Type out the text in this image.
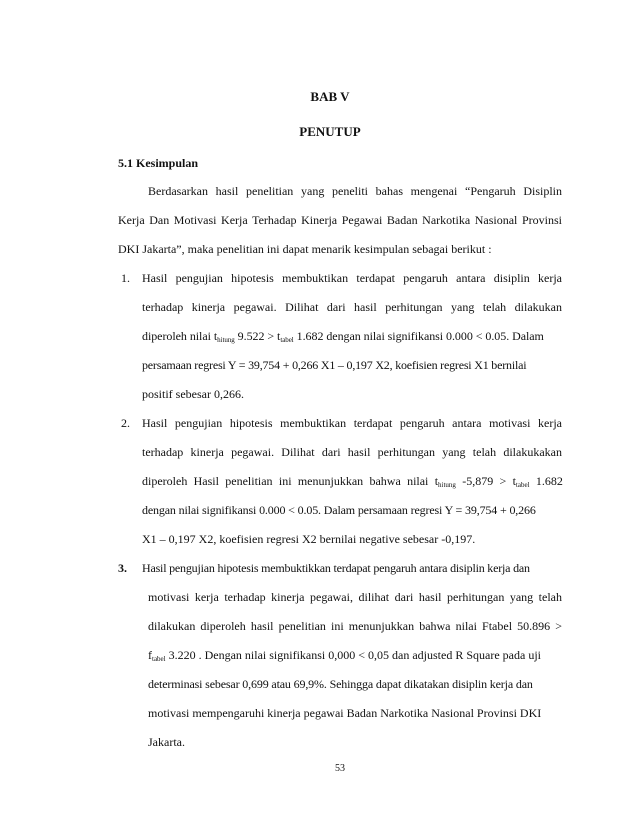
BAB V
PENUTUP
5.1 Kesimpulan
Berdasarkan hasil penelitian yang peneliti bahas mengenai “Pengaruh Disiplin
Kerja Dan Motivasi Kerja Terhadap Kinerja Pegawai Badan Narkotika Nasional Provinsi
DKI Jakarta”, maka penelitian ini dapat menarik kesimpulan sebagai berikut :
1. Hasil pengujian hipotesis membuktikan terdapat pengaruh antara disiplin kerja
terhadap kinerja pegawai. Dilihat dari hasil perhitungan yang telah dilakukan
diperoleh nilai $t_{hitung}$ $9.522 > t_{tabel}$ 1.682 dengan nilai signifikansi 0.000 < 0.05. Dalam
persamaan regresi Y = 39,754 + 0,266 X1 – 0,197 X2, koefisien regresi X1 bernilai
positif sebesar 0,266.
2. Hasil pengujian hipotesis membuktikan terdapat pengaruh antara motivasi kerja
terhadap kinerja pegawai. Dilihat dari hasil perhitungan yang telah dilakukakan
diperoleh Hasil penelitian ini menunjukkan bahwa nilai $t_{hitung}$ $-5,879 > t_{tabel}$ 1.682
dengan nilai signifikansi 0.000 < 0.05. Dalam persamaan regresi Y = 39,754 + 0,266
X1 – 0,197 X2, koefisien regresi X2 bernilai negative sebesar -0,197.
3. Hasil pengujian hipotesis membuktikkan terdapat pengaruh antara disiplin kerja dan
motivasi kerja terhadap kinerja pegawai, dilihat dari hasil perhitungan yang telah
dilakukan diperoleh hasil penelitian ini menunjukkan bahwa nilai Ftabel 50.896 >
$f_{tabel}$ 3.220 . Dengan nilai signifikansi 0,000 < 0,05 dan adjusted R Square pada uji
determinasi sebesar 0,699 atau 69,9%. Sehingga dapat dikatakan disiplin kerja dan
motivasi mempengaruhi kinerja pegawai Badan Narkotika Nasional Provinsi DKI
Jakarta.
53
